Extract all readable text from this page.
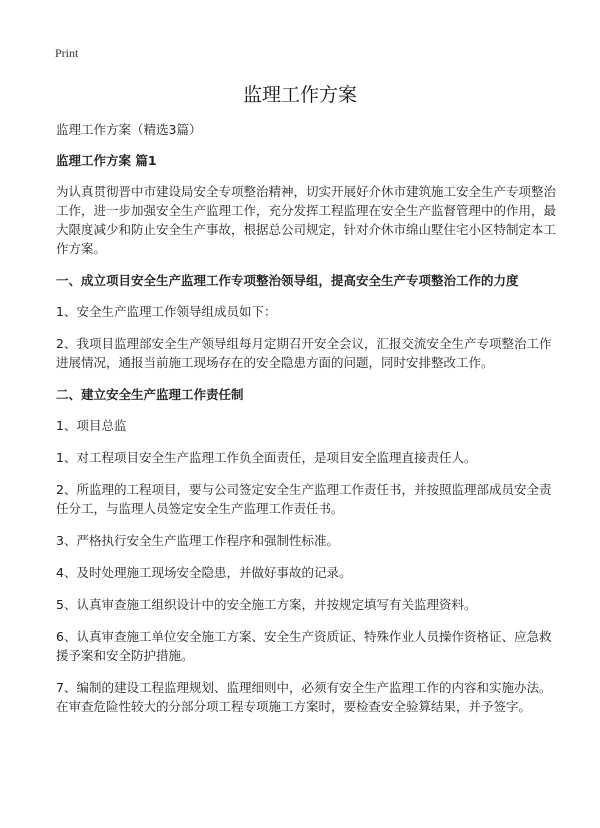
Print
监理工作方案
监理工作方案（精选3篇）
监理工作方案 篇1
为认真贯彻晋中市建设局安全专项整治精神，切实开展好介休市建筑施工安全生产专项整治工作，进一步加强安全生产监理工作，充分发挥工程监理在安全生产监督管理中的作用，最大限度减少和防止安全生产事故，根据总公司规定，针对介休市绵山墅住宅小区特制定本工作方案。
一、成立项目安全生产监理工作专项整治领导组，提高安全生产专项整治工作的力度
1、安全生产监理工作领导组成员如下：
2、我项目监理部安全生产领导组每月定期召开安全会议，汇报交流安全生产专项整治工作进展情况，通报当前施工现场存在的安全隐患方面的问题，同时安排整改工作。
二、建立安全生产监理工作责任制
1、项目总监
1、对工程项目安全生产监理工作负全面责任，是项目安全监理直接责任人。
2、所监理的工程项目，要与公司签定安全生产监理工作责任书，并按照监理部成员安全责任分工，与监理人员签定安全生产监理工作责任书。
3、严格执行安全生产监理工作程序和强制性标准。
4、及时处理施工现场安全隐患，并做好事故的记录。
5、认真审查施工组织设计中的安全施工方案，并按规定填写有关监理资料。
6、认真审查施工单位安全施工方案、安全生产资质证、特殊作业人员操作资格证、应急救援予案和安全防护措施。
7、编制的建设工程监理规划、监理细则中，必须有安全生产监理工作的内容和实施办法。在审查危险性较大的分部分项工程专项施工方案时，要检查安全验算结果，并予签字。
